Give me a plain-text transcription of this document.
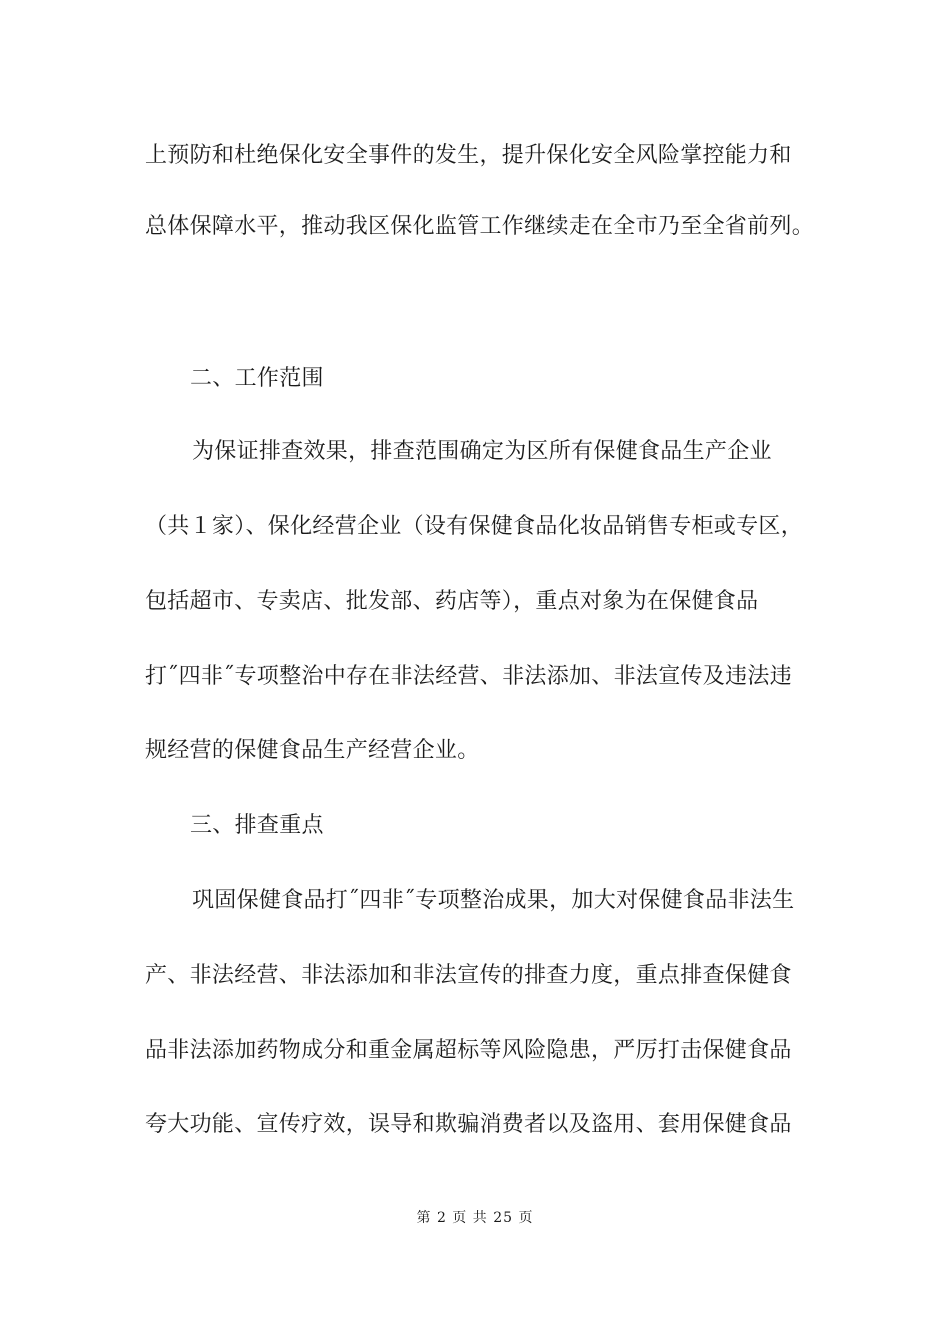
上预防和杜绝保化安全事件的发生，提升保化安全风险掌控能力和
总体保障水平，推动我区保化监管工作继续走在全市乃至全省前列。
二、工作范围
为保证排查效果，排查范围确定为区所有保健食品生产企业
（共１家）、保化经营企业（设有保健食品化妆品销售专柜或专区，
包括超市、专卖店、批发部、药店等），重点对象为在保健食品
打˝四非˝专项整治中存在非法经营、非法添加、非法宣传及违法违
规经营的保健食品生产经营企业。
三、排查重点
巩固保健食品打˝四非˝专项整治成果，加大对保健食品非法生
产、非法经营、非法添加和非法宣传的排查力度，重点排查保健食
品非法添加药物成分和重金属超标等风险隐患，严厉打击保健食品
夸大功能、宣传疗效，误导和欺骗消费者以及盗用、套用保健食品
第 2 页 共 25 页
